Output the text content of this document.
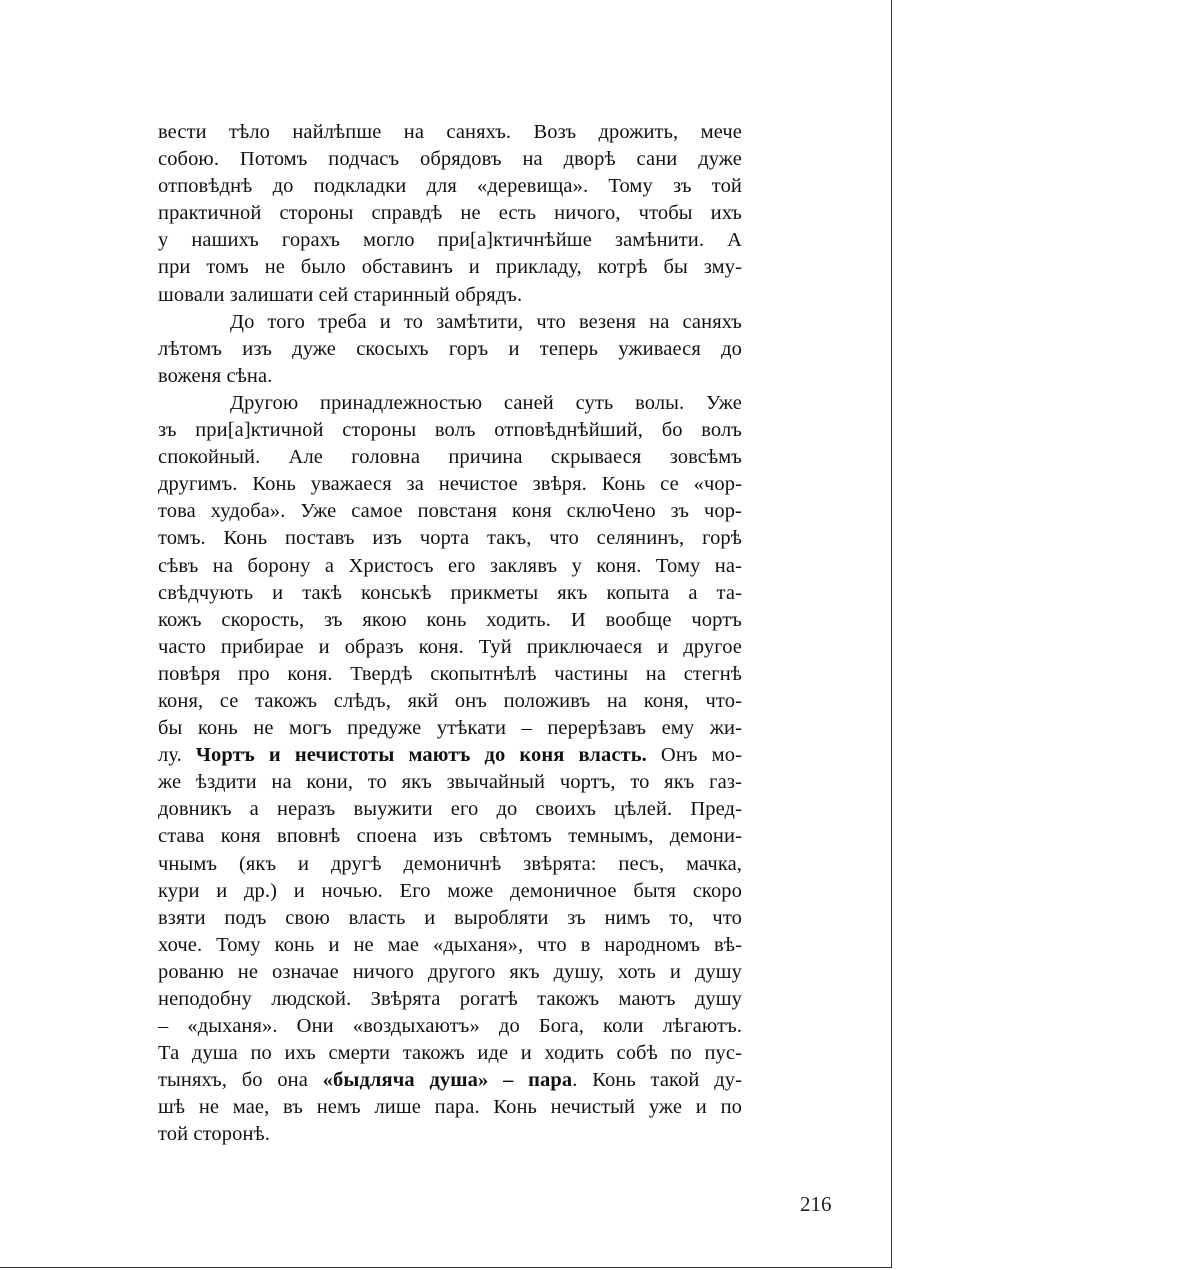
вести тѣло найлѣпше на саняхъ. Возъ дрожить, мече
собою. Потомъ подчасъ обрядовъ на дворѣ сани дуже
отповѣднѣ до подкладки для «деревища». Тому зъ той
практичной стороны справдѣ не есть ничого, чтобы ихъ
у нашихъ горахъ могло при[а]ктичнѣйше замѣнити. А
при томъ не было обставинъ и прикладу, котрѣ бы зму-
шовали залишати сей старинный обрядъ.
До того треба и то замѣтити, что везеня на саняхъ
лѣтомъ изъ дуже скосыхъ горъ и теперь уживаеся до
воженя сѣна.
Другою принадлежностью саней суть волы. Уже
зъ при[а]ктичной стороны волъ отповѣднѣйший, бо волъ
спокойный. Але головна причина скрываеся зовсѣмъ
другимъ. Конь уважаеся за нечистое звѣря. Конь се «чор-
това худоба». Уже самое повстаня коня склюЧено зъ чор-
томъ. Конь поставъ изъ чорта такъ, что селянинъ, горѣ
сѣвъ на борону а Христосъ его заклявъ у коня. Тому на-
свѣдчують и такѣ конськѣ прикметы якъ копыта а та-
кожъ скорость, зъ якою конь ходить. И вообще чортъ
часто прибирае и образъ коня. Туй приключаеся и другое
повѣря про коня. Твердѣ скопытнѣлѣ частины на стегнѣ
коня, се такожъ слѣдъ, якй онъ положивъ на коня, что-
бы конь не могъ предуже утѣкати – перерѣзавъ ему жи-
лу. Чортъ и нечистоты маютъ до коня власть. Онъ мо-
же ѣздити на кони, то якъ звычайный чортъ, то якъ газ-
довникъ а неразъ выужити его до своихъ цѣлей. Пред-
става коня вповнѣ споена изъ свѣтомъ темнымъ, демони-
чнымъ (якъ и другѣ демоничнѣ звѣрята: песъ, мачка,
кури и др.) и ночью. Его може демоничное бытя скоро
взяти подъ свою власть и выробляти зъ нимъ то, что
хоче. Тому конь и не мае «дыханя», что в народномъ вѣ-
рованю не означае ничого другого якъ душу, хоть и душу
неподобну людской. Звѣрята рогатѣ такожъ маютъ душу
– «дыханя». Они «воздыхаютъ» до Бога, коли лѣгаютъ.
Та душа по ихъ смерти такожъ иде и ходить собѣ по пус-
тыняхъ, бо она «быдляча душа» – пара. Конь такой ду-
шѣ не мае, въ немъ лише пара. Конь нечистый уже и по
той сторонѣ.
216
